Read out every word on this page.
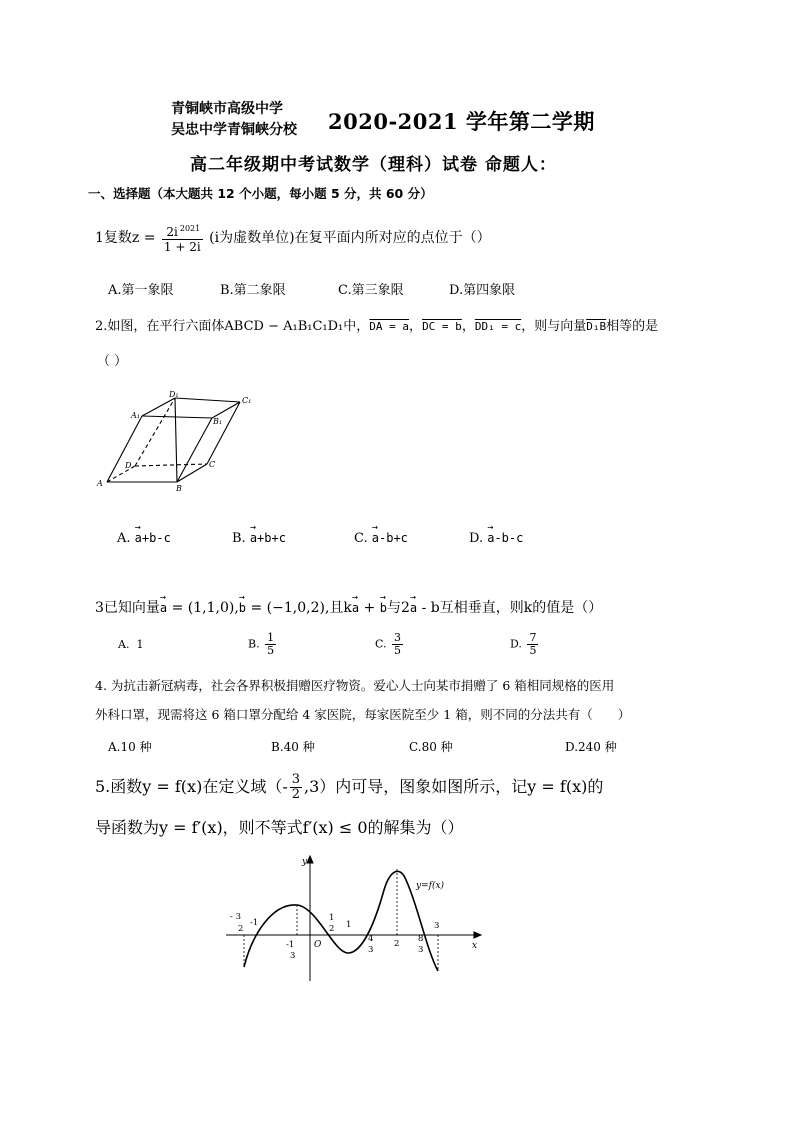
青铜峡市高级中学
吴忠中学青铜峡分校 2020-2021 学年第二学期
高二年级期中考试数学（理科）试卷 命题人：
一、选择题（本大题共 12 个小题，每小题 5 分，共 60 分）
1复数$z = \frac{2i ^{2021}}{1 + 2i} (i$为虚数单位)在复平面内所对应的点位于（）
A.第一象限	B.第二象限	C.第三象限	D.第四象限
2.如图，在平行六面体ABCD − A₁B₁C₁D₁中，DA = a，DC = b，DD₁ = c，则与向量D₁B相等的是
（ ）
A₁
D₁
C₁
B₁
D	C
A
B
A. → a+b-c	B. → a+b+c	C. → a-b+c	D. → a-b-c
3已知向量→ a = (1,1,0),→ b = (−1,0,2),且k→ a + → b与2→ a - b互相垂直，则k的值是（）
A. 1	B. $\frac{1}{5}$	C. $\frac{3}{5}$	D. $\frac{7}{5}$
4. 为抗击新冠病毒，社会各界积极捐赠医疗物资。爱心人士向某市捐赠了 6 箱相同规格的医用
外科口罩，现需将这 6 箱口罩分配给 4 家医院，每家医院至少 1 箱，则不同的分法共有（　　）
A.10 种	B.40 种	C.80 种	D.240 种
5.函数y = f(x)在定义域（- $\frac{3}{2} ,3$）内可导，图象如图所示，记y = f(x)的
导函数为y = f′(x)，则不等式f′(x) ≤ 0的解集为（）
y
x
y=f(x)
O
- 3
2
-1
-1
3
1
2 1
4
3
2 8
3
3
